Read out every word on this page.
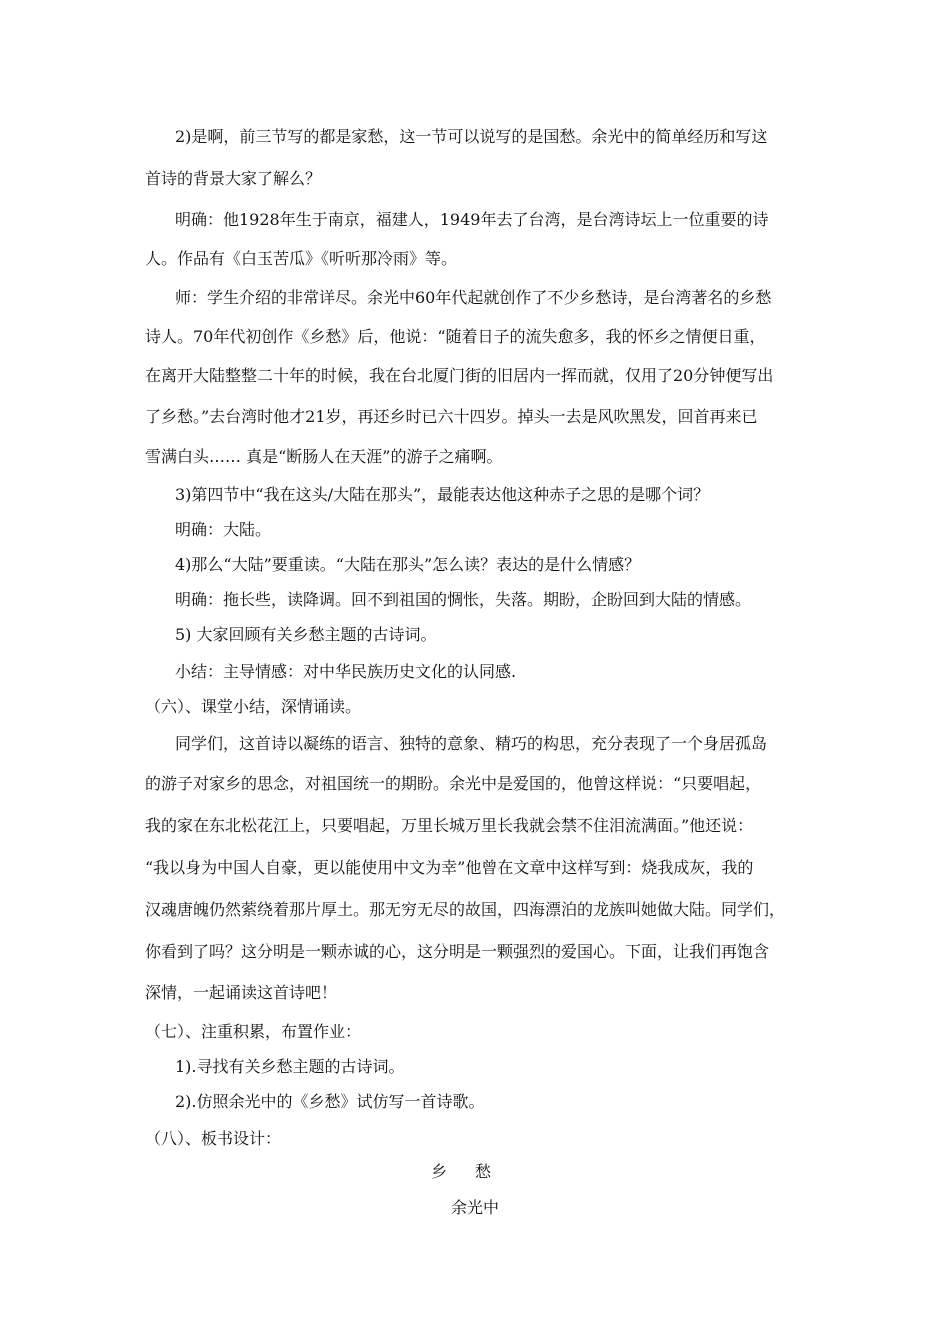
2)是啊，前三节写的都是家愁，这一节可以说写的是国愁。余光中的简单经历和写这
首诗的背景大家了解么？
明确：他1928年生于南京，福建人，1949年去了台湾，是台湾诗坛上一位重要的诗
人。作品有《白玉苦瓜》《听听那冷雨》等。
师：学生介绍的非常详尽。余光中60年代起就创作了不少乡愁诗，是台湾著名的乡愁
诗人。70年代初创作《乡愁》后，他说：“随着日子的流失愈多，我的怀乡之情便日重，
在离开大陆整整二十年的时候，我在台北厦门街的旧居内一挥而就，仅用了20分钟便写出
了乡愁。”去台湾时他才21岁，再还乡时已六十四岁。掉头一去是风吹黑发，回首再来已
雪满白头…… 真是“断肠人在天涯”的游子之痛啊。
3)第四节中“我在这头/大陆在那头”，最能表达他这种赤子之思的是哪个词？
明确：大陆。
4)那么“大陆”要重读。“大陆在那头”怎么读？表达的是什么情感？
明确：拖长些，读降调。回不到祖国的惆怅，失落。期盼，企盼回到大陆的情感。
5) 大家回顾有关乡愁主题的古诗词。
小结：主导情感：对中华民族历史文化的认同感.
（六）、课堂小结，深情诵读。
同学们，这首诗以凝练的语言、独特的意象、精巧的构思，充分表现了一个身居孤岛
的游子对家乡的思念，对祖国统一的期盼。余光中是爱国的，他曾这样说：“只要唱起，
我的家在东北松花江上，只要唱起，万里长城万里长我就会禁不住泪流满面。”他还说：
“我以身为中国人自豪，更以能使用中文为幸”他曾在文章中这样写到：烧我成灰，我的
汉魂唐魄仍然萦绕着那片厚土。那无穷无尽的故国，四海漂泊的龙族叫她做大陆。同学们，
你看到了吗？这分明是一颗赤诚的心，这分明是一颗强烈的爱国心。下面，让我们再饱含
深情，一起诵读这首诗吧！
（七）、注重积累，布置作业：
1).寻找有关乡愁主题的古诗词。
2).仿照余光中的《乡愁》试仿写一首诗歌。
（八）、板书设计：
乡愁
余光中
